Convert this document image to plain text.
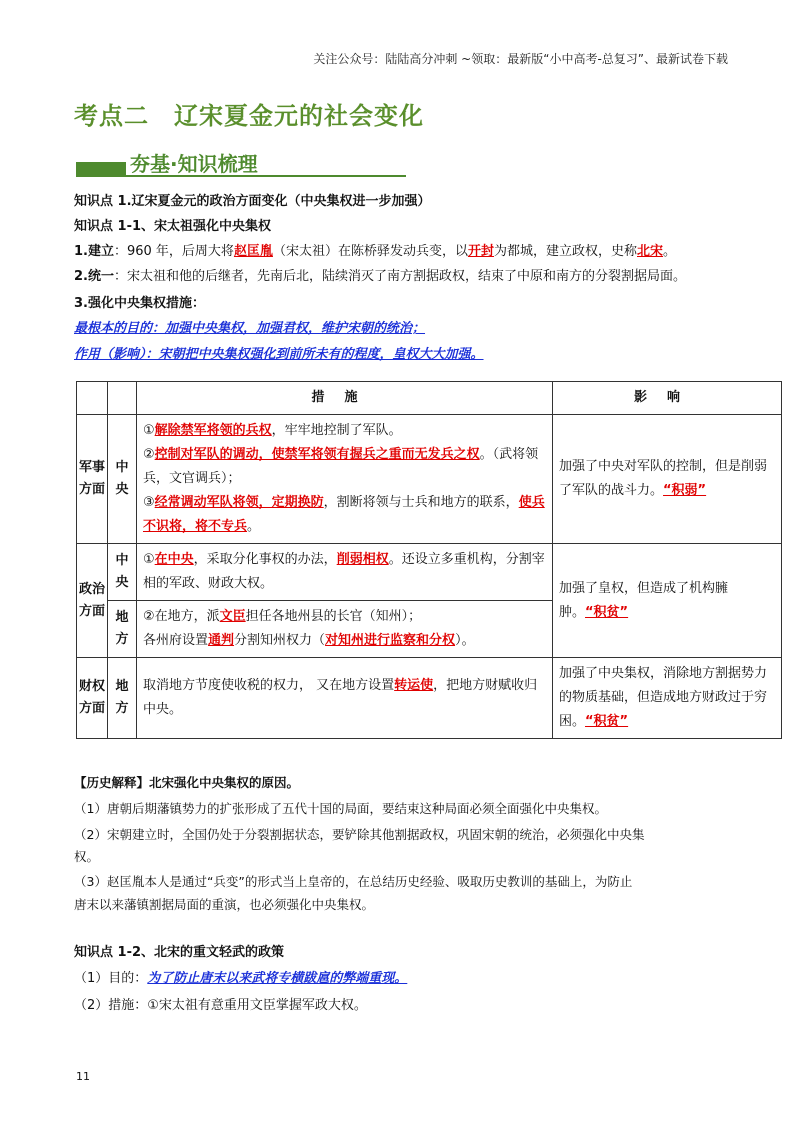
关注公众号：陆陆高分冲刺 ~领取：最新版“小中高考-总复习”、最新试卷下载
考点二　辽宋夏金元的社会变化
夯基·知识梳理
知识点 1.辽宋夏金元的政治方面变化（中央集权进一步加强）
知识点 1-1、宋太祖强化中央集权
1.建立：960 年，后周大将赵匡胤（宋太祖）在陈桥驿发动兵变，以开封为都城，建立政权，史称北宋。
2.统一：宋太祖和他的后继者，先南后北，陆续消灭了南方割据政权，结束了中原和南方的分裂割据局面。
3.强化中央集权措施：
最根本的目的：加强中央集权，加强君权，维护宋朝的统治；
作用（影响）：宋朝把中央集权强化到前所未有的程度，皇权大大加强。
		措施	影响
军事方面	中央	①解除禁军将领的兵权，牢牢地控制了军队。
②控制对军队的调动，使禁军将领有握兵之重而无发兵之权。（武将领兵，文官调兵）；
③经常调动军队将领，定期换防，割断将领与士兵和地方的联系，使兵不识将，将不专兵。	加强了中央对军队的控制，但是削弱了军队的战斗力。“积弱”
政治方面	中央	①在中央，采取分化事权的办法，削弱相权。还设立多重机构，分割宰相的军政、财政大权。	加强了皇权，但造成了机构臃肿。“积贫”
	地方	②在地方，派文臣担任各地州县的长官（知州）；
各州府设置通判分割知州权力（对知州进行监察和分权）。	
财权方面	地方	取消地方节度使收税的权力， 又在地方设置转运使，把地方财赋收归中央。	加强了中央集权，消除地方割据势力的物质基础，但造成地方财政过于穷困。“积贫”
【历史解释】北宋强化中央集权的原因。
（1）唐朝后期藩镇势力的扩张形成了五代十国的局面，要结束这种局面必须全面强化中央集权。
（2）宋朝建立时，全国仍处于分裂割据状态，要铲除其他割据政权，巩固宋朝的统治，必须强化中央集
权。
（3）赵匡胤本人是通过“兵变”的形式当上皇帝的，在总结历史经验、吸取历史教训的基础上，为防止
唐末以来藩镇割据局面的重演，也必须强化中央集权。
知识点 1-2、北宋的重文轻武的政策
（1）目的：为了防止唐末以来武将专横跋扈的弊端重现。
（2）措施：①宋太祖有意重用文臣掌握军政大权。
11
